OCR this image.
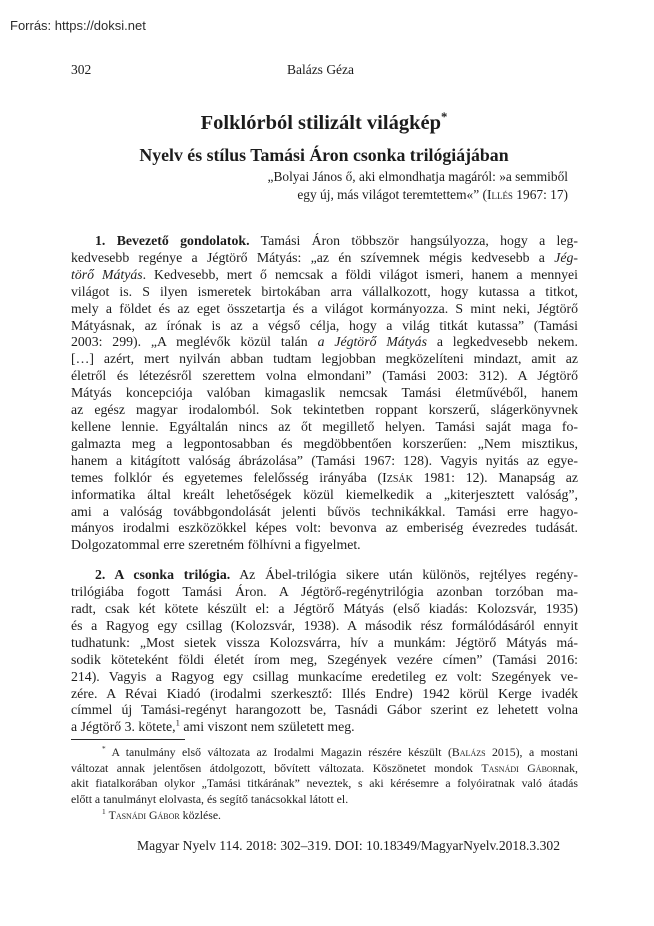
Forrás: https://doksi.net
302	Balázs Géza
Folklórból stilizált világkép*
Nyelv és stílus Tamási Áron csonka trilógiájában
„Bolyai János ő, aki elmondhatja magáról: »a semmiből
egy új, más világot teremtettem«” (Illés 1967: 17)
1. Bevezető gondolatok. Tamási Áron többször hangsúlyozza, hogy a leg-
kedvesebb regénye a Jégtörő Mátyás: „az én szívemnek mégis kedvesebb a Jég-
törő Mátyás. Kedvesebb, mert ő nemcsak a földi világot ismeri, hanem a mennyei
világot is. S ilyen ismeretek birtokában arra vállalkozott, hogy kutassa a titkot,
mely a földet és az eget összetartja és a világot kormányozza. S mint neki, Jégtörő
Mátyásnak, az írónak is az a végső célja, hogy a világ titkát kutassa” (Tamási
2003: 299). „A meglévők közül talán a Jégtörő Mátyás a legkedvesebb nekem.
[…] azért, mert nyilván abban tudtam legjobban megközelíteni mindazt, amit az
életről és létezésről szerettem volna elmondani” (Tamási 2003: 312). A Jégtörő
Mátyás koncepciója valóban kimagaslik nemcsak Tamási életművéből, hanem
az egész magyar irodalomból. Sok tekintetben roppant korszerű, slágerkönyvnek
kellene lennie. Egyáltalán nincs az őt megillető helyen. Tamási saját maga fo-
galmazta meg a legpontosabban és megdöbbentően korszerűen: „Nem misztikus,
hanem a kitágított valóság ábrázolása” (Tamási 1967: 128). Vagyis nyitás az egye-
temes folklór és egyetemes felelősség irányába (Izsák 1981: 12). Manapság az
informatika által kreált lehetőségek közül kiemelkedik a „kiterjesztett valóság”,
ami a valóság továbbgondolását jelenti bűvös technikákkal. Tamási erre hagyo-
mányos irodalmi eszközökkel képes volt: bevonva az emberiség évezredes tudását.
Dolgozatommal erre szeretném fölhívni a figyelmet.
2. A csonka trilógia. Az Ábel-trilógia sikere után különös, rejtélyes regény-
trilógiába fogott Tamási Áron. A Jégtörő-regénytrilógia azonban torzóban ma-
radt, csak két kötete készült el: a Jégtörő Mátyás (első kiadás: Kolozsvár, 1935)
és a Ragyog egy csillag (Kolozsvár, 1938). A második rész formálódásáról ennyit
tudhatunk: „Most sietek vissza Kolozsvárra, hív a munkám: Jégtörő Mátyás má-
sodik köteteként földi életét írom meg, Szegények vezére címen” (Tamási 2016:
214). Vagyis a Ragyog egy csillag munkacíme eredetileg ez volt: Szegények ve-
zére. A Révai Kiadó (irodalmi szerkesztő: Illés Endre) 1942 körül Kerge ivadék
címmel új Tamási-regényt harangozott be, Tasnádi Gábor szerint ez lehetett volna
a Jégtörő 3. kötete,$^1$ ami viszont nem született meg.
* A tanulmány első változata az Irodalmi Magazin részére készült (Balázs 2015), a mostani
változat annak jelentősen átdolgozott, bővített változata. Köszönetet mondok Tasnádi Gábornak,
akit fiatalkorában olykor „Tamási titkárának” neveztek, s aki kérésemre a folyóiratnak való átadás
előtt a tanulmányt elolvasta, és segítő tanácsokkal látott el.
$^1$ Tasnádi Gábor közlése.
Magyar Nyelv 114. 2018: 302–319. DOI: 10.18349/MagyarNyelv.2018.3.302
